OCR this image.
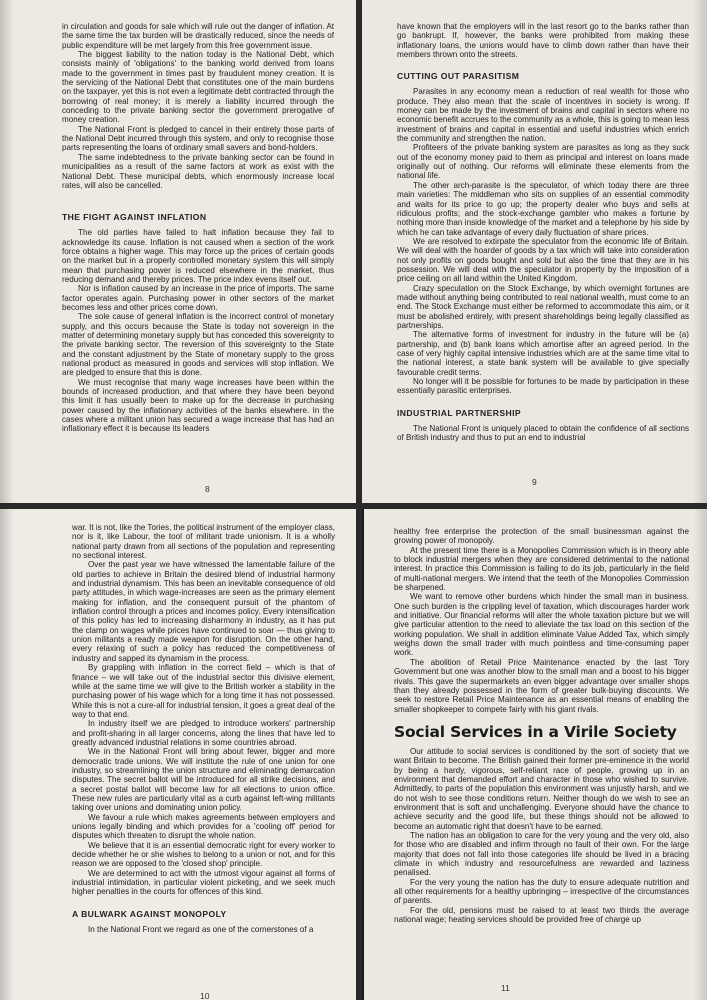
in circulation and goods for sale which will rule out the danger of inflation. At the same time the tax burden will be drastically reduced, since the needs of public expenditure will be met largely from this free government issue.

The biggest liability to the nation today is the National Debt, which consists mainly of 'obligations' to the banking world derived from loans made to the government in times past by fraudulent money creation. It is the servicing of the National Debt that constitutes one of the main burdens on the taxpayer, yet this is not even a legitimate debt contracted through the borrowing of real money; it is merely a liability incurred through the conceding to the private banking sector the government prerogative of money creation.

The National Front is pledged to cancel in their entirety those parts of the National Debt incurred through this system, and only to recognise those parts representing the loans of ordinary small savers and bond-holders.

The same indebtedness to the private banking sector can be found in municipalities as a result of the same factors at work as exist with the National Debt. These municipal debts, which enormously increase local rates, will also be cancelled.

THE FIGHT AGAINST INFLATION

The old parties have failed to halt inflation because they fail to acknowledge its cause. Inflation is not caused when a section of the work force obtains a higher wage. This may force up the prices of certain goods on the market but in a properly controlled monetary system this will simply mean that purchasing power is reduced elsewhere in the market, thus reducing demand and thereby prices. The price index evens itself out.

Nor is inflation caused by an increase in the price of imports. The same factor operates again. Purchasing power in other sectors of the market becomes less and other prices come down.

The sole cause of general inflation is the incorrect control of monetary supply, and this occurs because the State is today not sovereign in the matter of determining monetary supply but has conceded this sovereignty to the private banking sector. The reversion of this sovereignty to the State and the constant adjustment by the State of monetary supply to the gross national product as measured in goods and services will stop inflation. We are pledged to ensure that this is done.

We must recognise that many wage increases have been within the bounds of increased production, and that where they have been beyond this limit it has usually been to make up for the decrease in purchasing power caused by the inflationary activities of the banks elsewhere. In the cases where a militant union has secured a wage increase that has had an inflationary effect it is because its leaders

8

have known that the employers will in the last resort go to the banks rather than go bankrupt. If, however, the banks were prohibited from making these inflationary loans, the unions would have to climb down rather than have their members thrown onto the streets.

CUTTING OUT PARASITISM

Parasites in any economy mean a reduction of real wealth for those who produce. They also mean that the scale of incentives in society is wrong. If money can be made by the investment of brains and capital in sectors where no economic benefit accrues to the community as a whole, this is going to mean less investment of brains and capital in essential and useful industries which enrich the community and strengthen the nation.

Profiteers of the private banking system are parasites as long as they suck out of the economy money paid to them as principal and interest on loans made originally out of nothing. Our reforms will eliminate these elements from the national life.

The other arch-parasite is the speculator, of which today there are three main varieties: The middleman who sits on supplies of an essential commodity and waits for its price to go up; the property dealer who buys and sells at ridiculous profits; and the stock-exchange gambler who makes a fortune by nothing more than inside knowledge of the market and a telephone by his side by which he can take advantage of every daily fluctuation of share prices.

We are resolved to extirpate the speculator from the economic life of Britain. We will deal with the hoarder of goods by a tax which will take into consideration not only profits on goods bought and sold but also the time that they are in his possession. We will deal with the speculator in property by the imposition of a price ceiling on all land within the United Kingdom.

Crazy speculation on the Stock Exchange, by which overnight fortunes are made without anything being contributed to real national wealth, must come to an end. The Stock Exchange must either be reformed to accommodate this aim, or it must be abolished entirely, with present shareholdings being legally classified as partnerships.

The alternative forms of investment for industry in the future will be (a) partnership, and (b) bank loans which amortise after an agreed period. In the case of very highly capital intensive industries which are at the same time vital to the national interest, a state bank system will be available to give specially favourable credit terms.

No longer will it be possible for fortunes to be made by participation in these essentially parasitic enterprises.

INDUSTRIAL PARTNERSHIP

The National Front is uniquely placed to obtain the confidence of all sections of British industry and thus to put an end to industrial

9

war. It is not, like the Tories, the political instrument of the employer class, nor is it, like Labour, the tool of militant trade unionism. It is a wholly national party drawn from all sections of the population and representing no sectional interest.

Over the past year we have witnessed the lamentable failure of the old parties to achieve in Britain the desired blend of industrial harmony and industrial dynamism. This has been an inevitable consequence of old party attitudes, in which wage-increases are seen as the primary element making for inflation, and the consequent pursuit of the phantom of inflation control through a prices and incomes policy. Every intensification of this policy has led to increasing disharmony in industry, as it has put the clamp on wages while prices have continued to soar — thus giving to union militants a ready made weapon for disruption. On the other hand, every relaxing of such a policy has reduced the competitiveness of industry and sapped its dynamism in the process.

By grappling with inflation in the correct field – which is that of finance – we will take out of the industrial sector this divisive element, while at the same time we will give to the British worker a stability in the purchasing power of his wage which for a long time it has not possessed. While this is not a cure-all for industrial tension, it goes a great deal of the way to that end.

In industry itself we are pledged to introduce workers' partnership and profit-sharing in all larger concerns, along the lines that have led to greatly advanced industrial relations in some countries abroad.

We in the National Front will bring about fewer, bigger and more democratic trade unions. We will institute the rule of one union for one industry, so streamlining the union structure and eliminating demarcation disputes. The secret ballot will be introduced for all strike decisions, and a secret postal ballot will become law for all elections to union office. These new rules are particularly vital as a curb against left-wing militants taking over unions and dominating union policy.

We favour a rule which makes agreements between employers and unions legally binding and which provides for a 'cooling off' period for disputes which threaten to disrupt the whole nation.

We believe that it is an essential democratic right for every worker to decide whether he or she wishes to belong to a union or not, and for this reason we are opposed to the 'closed shop' principle.

We are determined to act with the utmost vigour against all forms of industrial intimidation, in particular violent picketing, and we seek much higher penalties in the courts for offences of this kind.

A BULWARK AGAINST MONOPOLY

In the National Front we regard as one of the cornerstones of a

10

healthy free enterprise the protection of the small businessman against the growing power of monopoly.

At the present time there is a Monopolies Commission which is in theory able to block industrial mergers when they are considered detrimental to the national interest. In practice this Commission is failing to do its job, particularly in the field of multi-national mergers. We intend that the teeth of the Monopolies Commission be sharpened.

We want to remove other burdens which hinder the small man in business. One such burden is the crippling level of taxation, which discourages harder work and initiative. Our financial reforms will alter the whole taxation picture but we will give particular attention to the need to alleviate the tax load on this section of the working population. We shall in addition eliminate Value Added Tax, which simply weighs down the small trader with much pointless and time-consuming paper work.

The abolition of Retail Price Maintenance enacted by the last Tory Government but one was another blow to the small man and a boost to his bigger rivals. This gave the supermarkets an even bigger advantage over smaller shops than they already possessed in the form of greater bulk-buying discounts. We seek to restore Retail Price Maintenance as an essential means of enabling the smaller shopkeeper to compete fairly with his giant rivals.

Social Services in a Virile Society

Our attitude to social services is conditioned by the sort of society that we want Britain to become. The British gained their former pre-eminence in the world by being a hardy, vigorous, self-reliant race of people, growing up in an environment that demanded effort and character in those who wished to survive. Admittedly, to parts of the population this environment was unjustly harsh, and we do not wish to see those conditions return. Neither though do we wish to see an environment that is soft and unchallenging. Everyone should have the chance to achieve security and the good life, but these things should not be allowed to become an automatic right that doesn't have to be earned.

The nation has an obligation to care for the very young and the very old, also for those who are disabled and infirm through no fault of their own. For the large majority that does not fall into those categories life should be lived in a bracing climate in which industry and resourcefulness are rewarded and laziness penalised.

For the very young the nation has the duty to ensure adequate nutrition and all other requirements for a healthy upbringing – irrespective of the circumstances of parents.

For the old, pensions must be raised to at least two thirds the average national wage; heating services should be provided free of charge up

11
